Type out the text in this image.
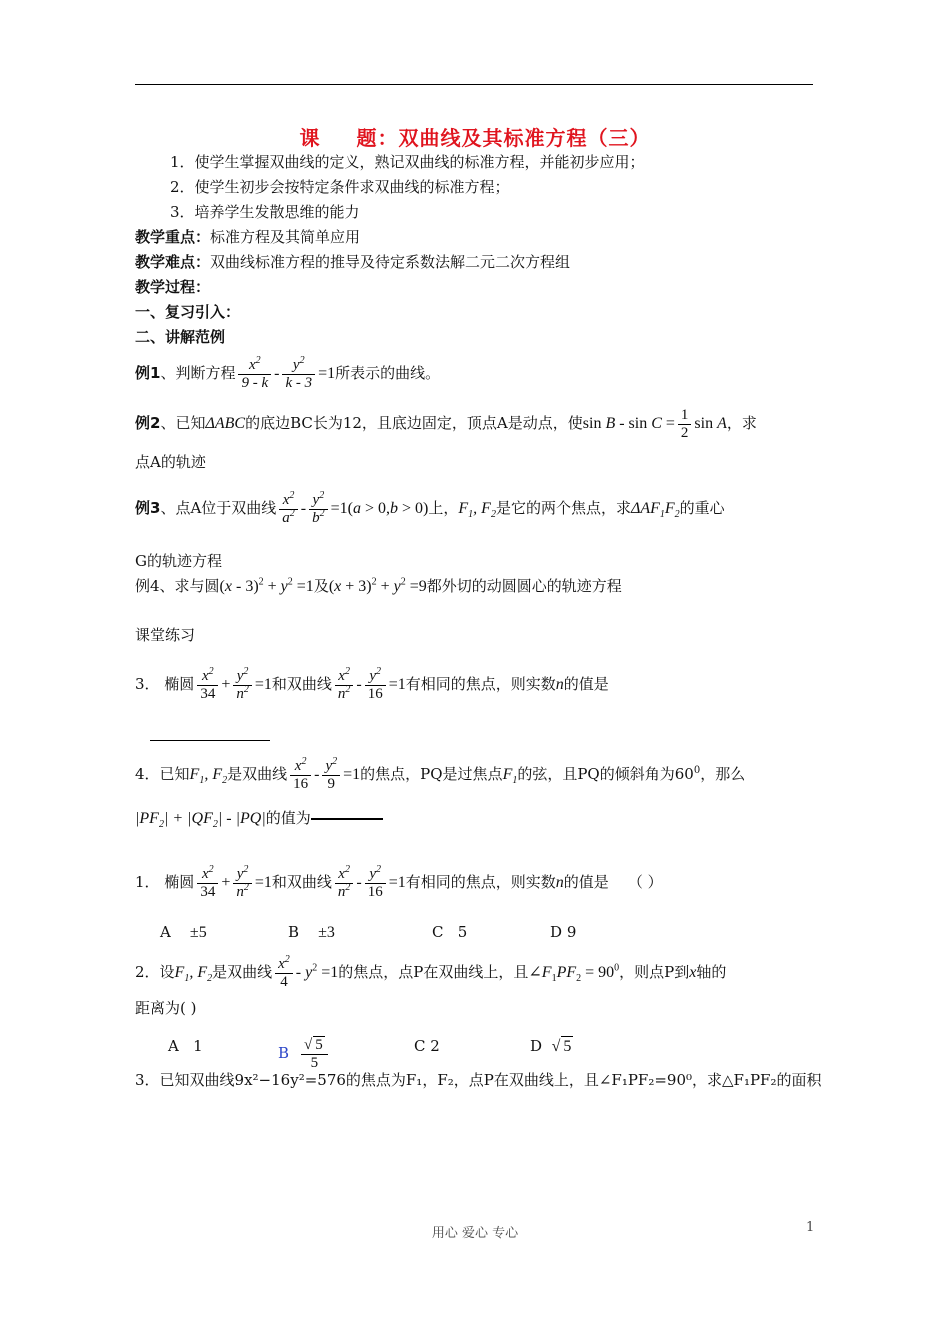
课 题：双曲线及其标准方程（三）
1．使学生掌握双曲线的定义，熟记双曲线的标准方程，并能初步应用；
2．使学生初步会按特定条件求双曲线的标准方程；
3．培养学生发散思维的能力
教学重点：标准方程及其简单应用
教学难点：双曲线标准方程的推导及待定系数法解二元二次方程组
教学过程：
一、复习引入：
二、讲解范例
例1、判断方程 $\frac{x^2}{9 - k} - \frac{y^2}{k - 3} =1$所表示的曲线。
例2、已知ΔABC的底边BC长为12，且底边固定，顶点A是动点，使$\sin B - \sin C = \frac{1}{2}$ sin A，求
点A的轨迹
例3、点A位于双曲线 $\frac{x^2}{a^2} - \frac{y^2}{b^2} =1(a > 0,b > 0)$上，$F_1$, $F_2$是它的两个焦点，求$\Delta AF_1F_2$的重心
G的轨迹方程
例4、求与圆$(x - 3)^2 + y^2 =1$及$(x + 3)^2 + y^2 =9$都外切的动圆圆心的轨迹方程
课堂练习
3． 椭圆 $\frac{x^2}{34} + \frac{y^2}{n^2} =1$和双曲线 $\frac{x^2}{n^2} - \frac{y^2}{16} =1$有相同的焦点，则实数n的值是
4．已知$F_1$, $F_2$是双曲线 $\frac{x^2}{16} - \frac{y^2}{9} =1$的焦点，PQ是过焦点$F_1$的弦，且PQ的倾斜角为$60^0$，那么
$|PF_2| + |QF_2| - |PQ|$的值为
1． 椭圆 $\frac{x^2}{34} + \frac{y^2}{n^2} =1$和双曲线 $\frac{x^2}{n^2} - \frac{y^2}{16} =1$有相同的焦点，则实数n的值是 （ ）
A ±5	B ±3	C 5	D 9
2．设$F_1$, $F_2$是双曲线 $\frac{x^2}{4} - y^2 =1$的焦点，点P在双曲线上，且$\angle F_1PF_2 = 90^0$，则点P到x轴的
距离为( )
A 1	B $\frac{√ 5}{5}$	C 2	D √ 5
3．已知双曲线9x²−16y²=576的焦点为F₁，F₂，点P在双曲线上，且∠F₁PF₂=90⁰，求△F₁PF₂的面积
用心 爱心 专心	1
